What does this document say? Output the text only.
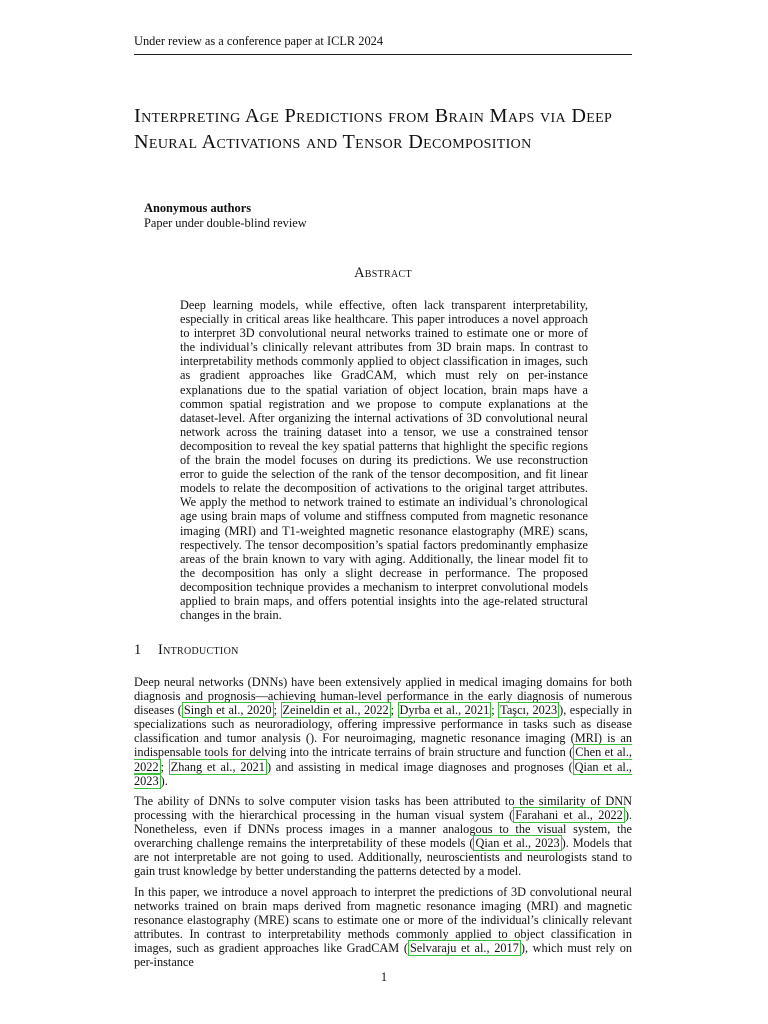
Under review as a conference paper at ICLR 2024
Interpreting Age Predictions from Brain Maps via Deep Neural Activations and Tensor Decomposition
Anonymous authors
Paper under double-blind review
Abstract
Deep learning models, while effective, often lack transparent interpretability, especially in critical areas like healthcare. This paper introduces a novel approach to interpret 3D convolutional neural networks trained to estimate one or more of the individual’s clinically relevant attributes from 3D brain maps. In contrast to interpretability methods commonly applied to object classification in images, such as gradient approaches like GradCAM, which must rely on per-instance explanations due to the spatial variation of object location, brain maps have a common spatial registration and we propose to compute explanations at the dataset-level. After organizing the internal activations of 3D convolutional neural network across the training dataset into a tensor, we use a constrained tensor decomposition to reveal the key spatial patterns that highlight the specific regions of the brain the model focuses on during its predictions. We use reconstruction error to guide the selection of the rank of the tensor decomposition, and fit linear models to relate the decomposition of activations to the original target attributes. We apply the method to network trained to estimate an individual’s chronological age using brain maps of volume and stiffness computed from magnetic resonance imaging (MRI) and T1-weighted magnetic resonance elastography (MRE) scans, respectively. The tensor decomposition’s spatial factors predominantly emphasize areas of the brain known to vary with aging. Additionally, the linear model fit to the decomposition has only a slight decrease in performance. The proposed decomposition technique provides a mechanism to interpret convolutional models applied to brain maps, and offers potential insights into the age-related structural changes in the brain.
1 Introduction

Deep neural networks (DNNs) have been extensively applied in medical imaging domains for both diagnosis and prognosis—achieving human-level performance in the early diagnosis of numerous diseases ( Singh et al., 2020 ; Zeineldin et al., 2022 ; Dyrba et al., 2021 ; Taşcı, 2023 ), especially in specializations such as neuroradiology, offering impressive performance in tasks such as disease classification and tumor analysis (). For neuroimaging, magnetic resonance imaging (MRI) is an indispensable tools for delving into the intricate terrains of brain structure and function ( Chen et al., 2022 ; Zhang et al., 2021 ) and assisting in medical image diagnoses and prognoses ( Qian et al., 2023 ).

The ability of DNNs to solve computer vision tasks has been attributed to the similarity of DNN processing with the hierarchical processing in the human visual system ( Farahani et al., 2022 ). Nonetheless, even if DNNs process images in a manner analogous to the visual system, the overarching challenge remains the interpretability of these models ( Qian et al., 2023 ). Models that are not interpretable are not going to used. Additionally, neuroscientists and neurologists stand to gain trust knowledge by better understanding the patterns detected by a model.

In this paper, we introduce a novel approach to interpret the predictions of 3D convolutional neural networks trained on brain maps derived from magnetic resonance imaging (MRI) and magnetic resonance elastography (MRE) scans to estimate one or more of the individual’s clinically relevant attributes. In contrast to interpretability methods commonly applied to object classification in images, such as gradient approaches like GradCAM ( Selvaraju et al., 2017 ), which must rely on per-instance

1
